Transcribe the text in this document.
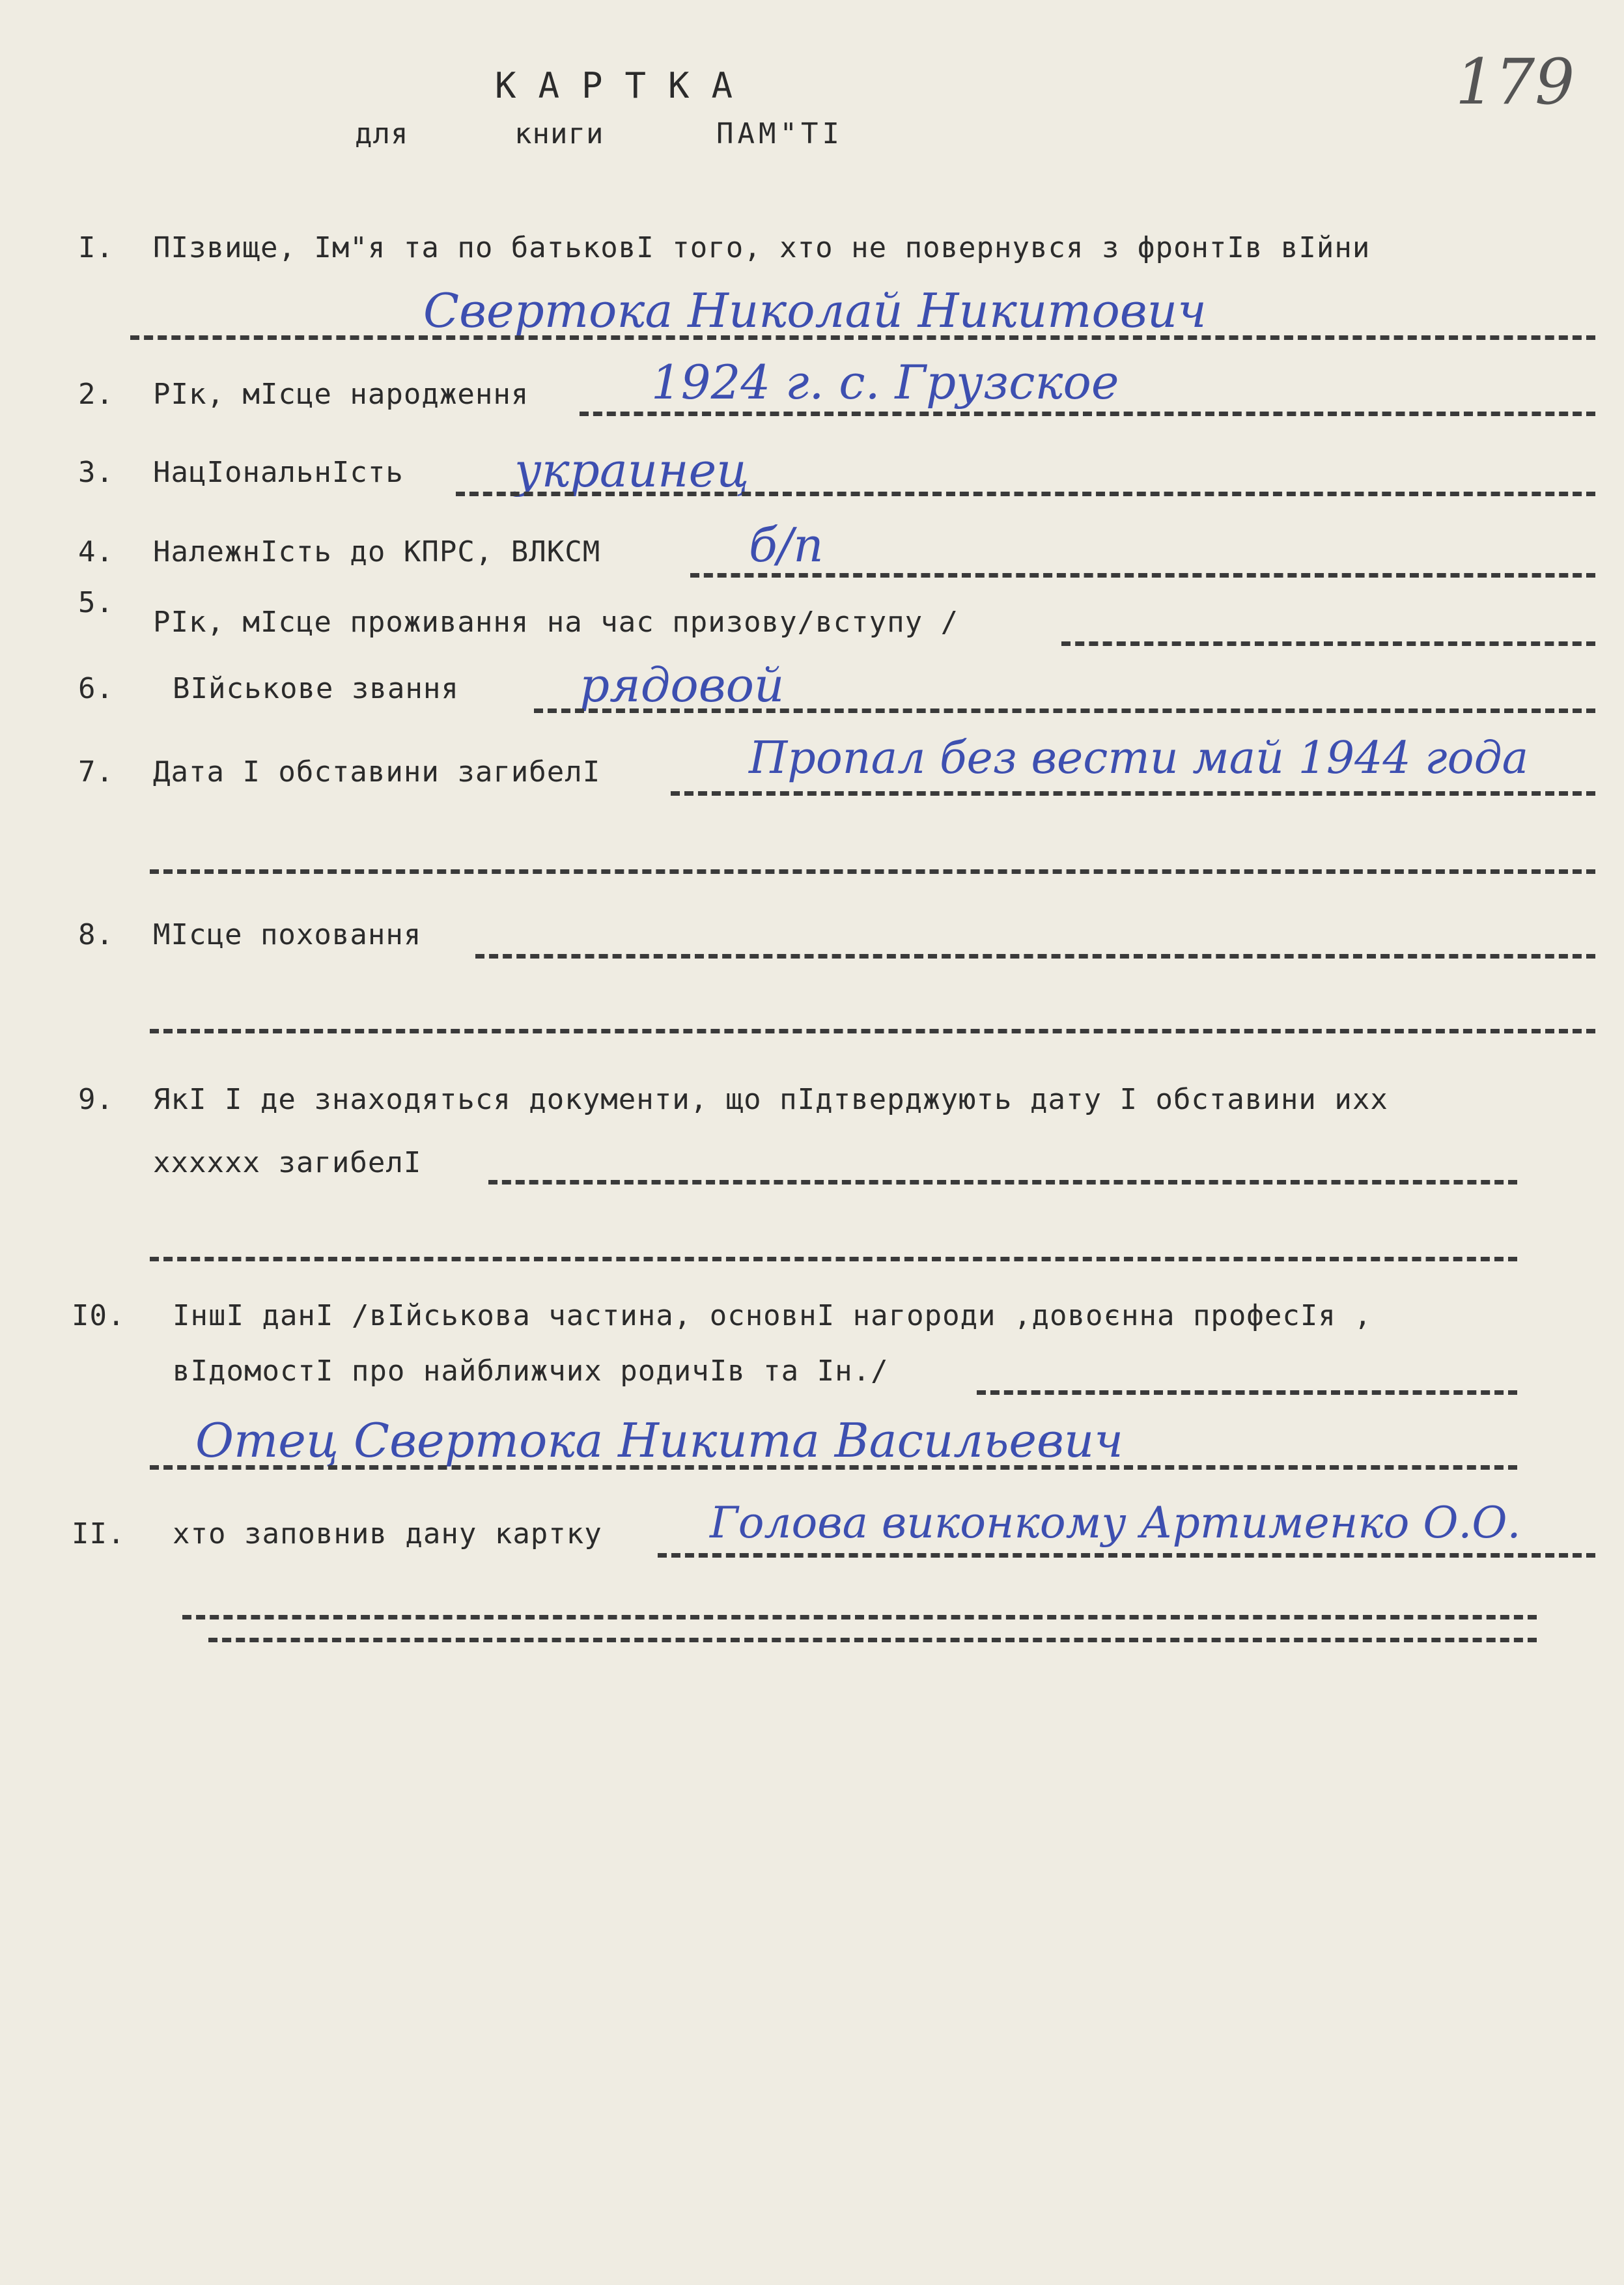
179
КАРТКА
для	книги	ПАМ"ТІ
І. ПІзвище, Ім"я та по батьковІ того, хто не повернувся з фронтІв вІйни
Свертока Николай Никитович
2. РІк, мІсце народження	1924 г. с. Грузское
3. НацІональнІсть украинец
4. НалежнІсть до КПРС, ВЛКСМ	б/п
5.
РІк, мІсце проживання на час призову/вступу /
6. ВІйськове звання	рядовой
7. Дата І обставини загибелІ	Пропал без вести май 1944 года
8. МІсце поховання
9. ЯкІ І де знаходяться документи, що пІдтверджують дату І обставини ихх
хххххх загибелІ
І0. ІншІ данІ /вІйськова частина, основнІ нагороди ,довоєнна професІя ,
вІдомостІ про найближчих родичІв та Ін./
Отец Свертока Никита Васильевич
ІІ. хто заповнив дану картку	Голова виконкому Артименко О.О.
